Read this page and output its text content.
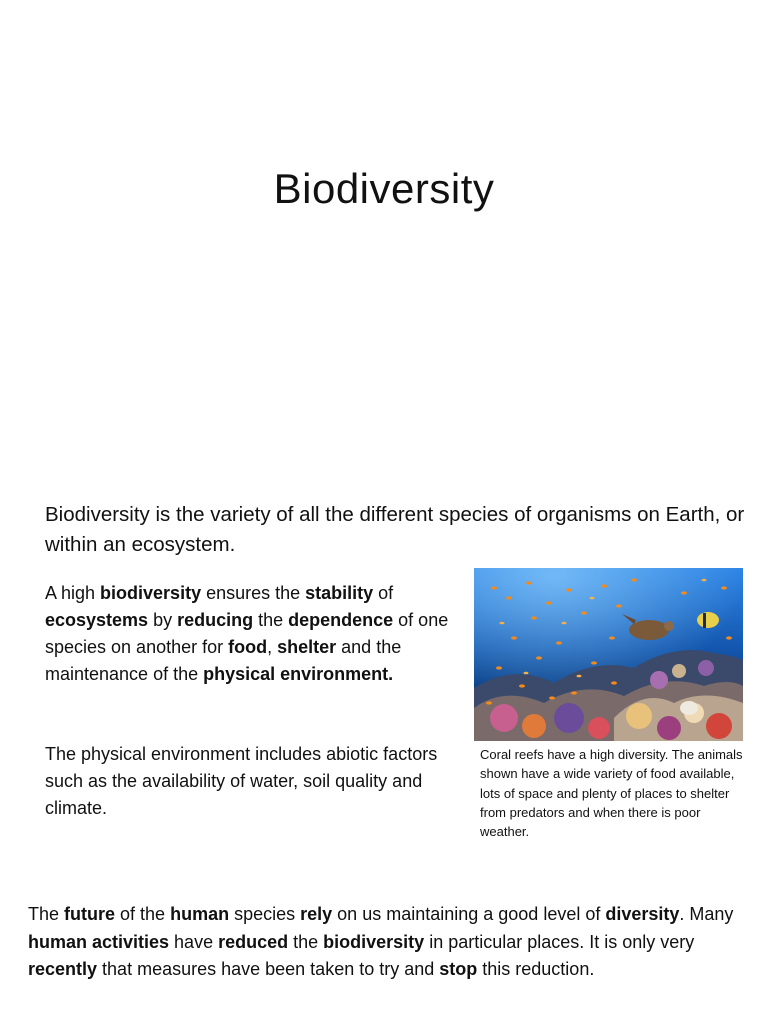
Biodiversity

Biodiversity is the variety of all the different species of organisms on Earth, or within an ecosystem.

A high biodiversity ensures the stability of ecosystems by reducing the dependence of one species on another for food, shelter and the maintenance of the physical environment.

The physical environment includes abiotic factors such as the availability of water, soil quality and climate.

Coral reefs have a high diversity. The animals shown have a wide variety of food available, lots of space and plenty of places to shelter from predators and when there is poor weather.

The future of the human species rely on us maintaining a good level of diversity. Many human activities have reduced the biodiversity in particular places. It is only very recently that measures have been taken to try and stop this reduction.
